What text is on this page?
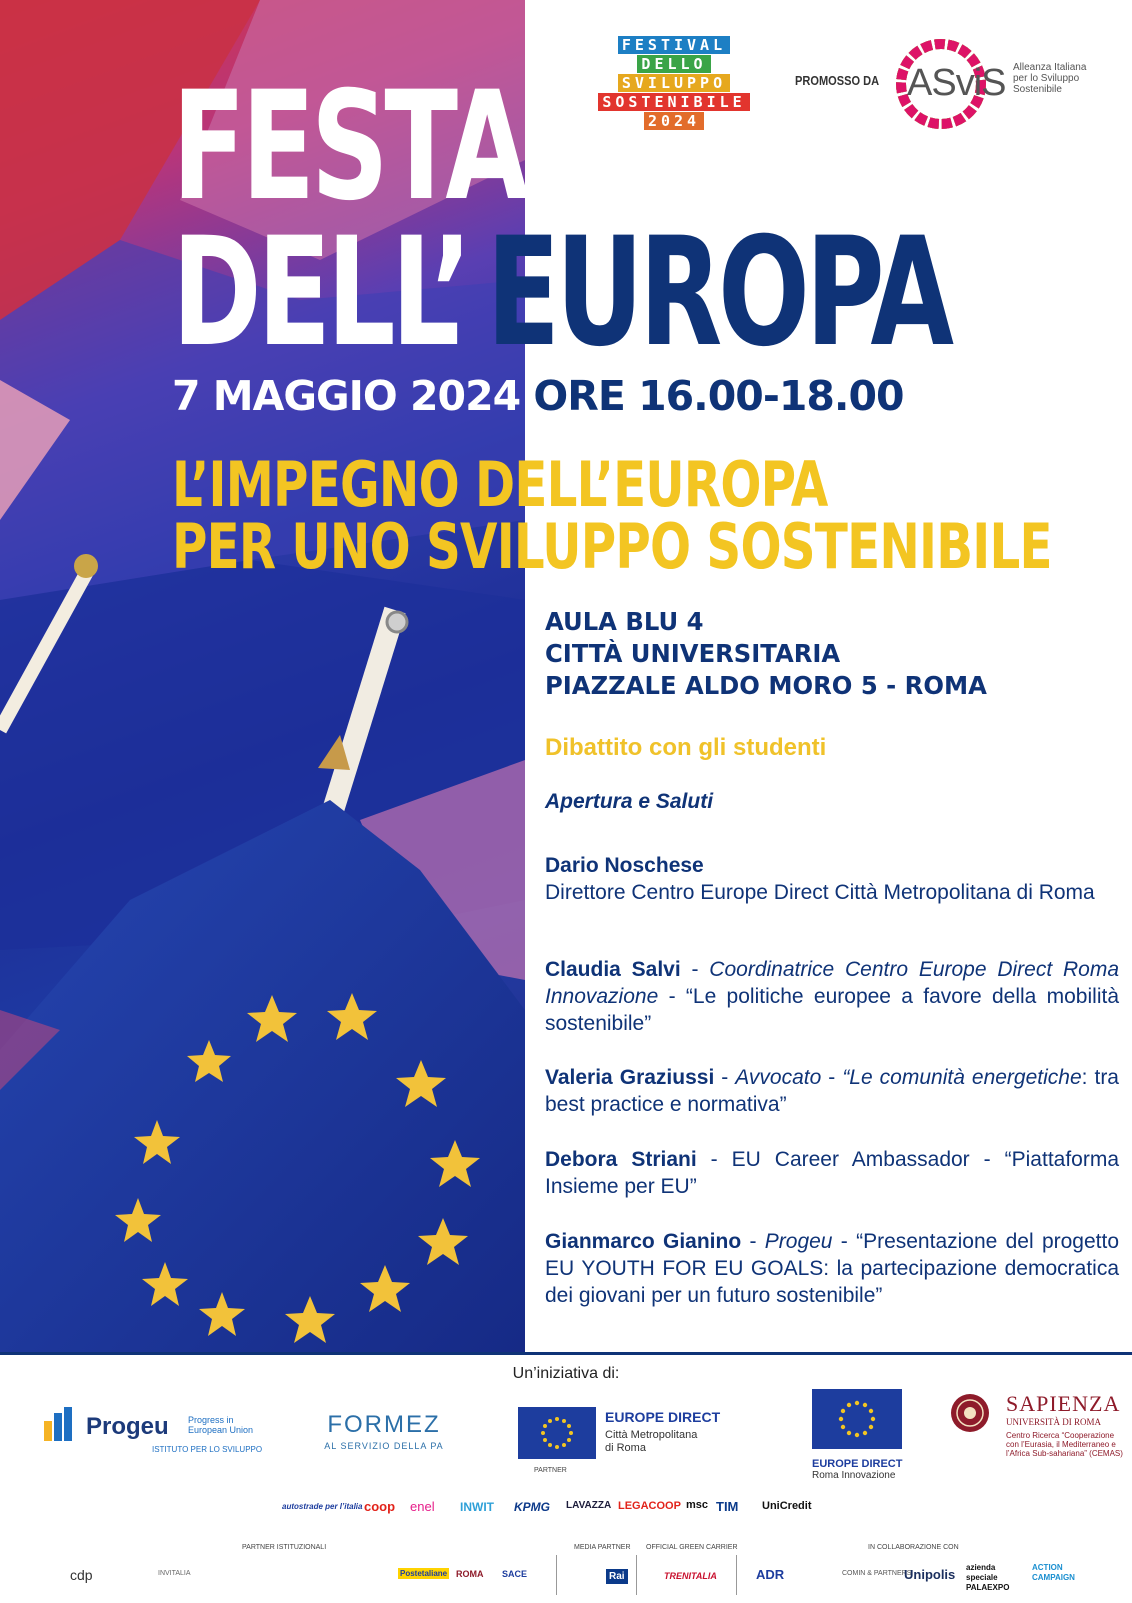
FESTIVAL
DELLO
SVILUPPO
SOSTENIBILE
2024
PROMOSSO DA ASviS Alleanza Italiana
per lo Sviluppo
Sostenibile
FESTA
DELL’ EUROPA
7 MAGGIO 2024 ORE 16.00-18.00
L’IMPEGNO DELL’EUROPA
PER UNO SVILUPPO SOSTENIBILE
AULA BLU 4
CITTÀ UNIVERSITARIA
PIAZZALE ALDO MORO 5 - ROMA
Dibattito con gli studenti
Apertura e Saluti
Dario Noschese
Direttore Centro Europe Direct Città Metropolitana di Roma
Claudia Salvi - Coordinatrice Centro Europe Direct Roma Innovazione - “Le politiche europee a favore della mobilità sostenibile”
Valeria Graziussi - Avvocato - “Le comunità energetiche: tra best practice e normativa”
Debora Striani - EU Career Ambassador - “Piattaforma Insieme per EU”
Gianmarco Gianino - Progeu - “Presentazione del progetto EU YOUTH FOR EU GOALS: la partecipazione democratica dei giovani per un futuro sostenibile”
Un’iniziativa di:
Progeu Progress in
European Union
ISTITUTO PER LO SVILUPPO
FORMEZ
AL SERVIZIO DELLA PA
EUROPE DIRECT
Città Metropolitana
di Roma
PARTNER
EUROPE DIRECT
Roma Innovazione
SAPIENZA
UNIVERSITÀ DI ROMA
Centro Ricerca “Cooperazione
con l’Eurasia, il Mediterraneo e
l’Africa Sub-sahariana” (CEMAS)
autostrade per l’italia coop enel INWIT KPMG LAVAZZA LEGACOOP msc TIM UniCredit
PARTNER ISTITUZIONALI	MEDIA PARTNER OFFICIAL GREEN CARRIER	IN COLLABORAZIONE CON
cdp	INVITALIA	Postetaliane ROMA SACE	Rai	TRENITALIA	ADR	COMIN & PARTNERS
Unipolis azienda speciale PALAEXPO
ACTION CAMPAIGN
